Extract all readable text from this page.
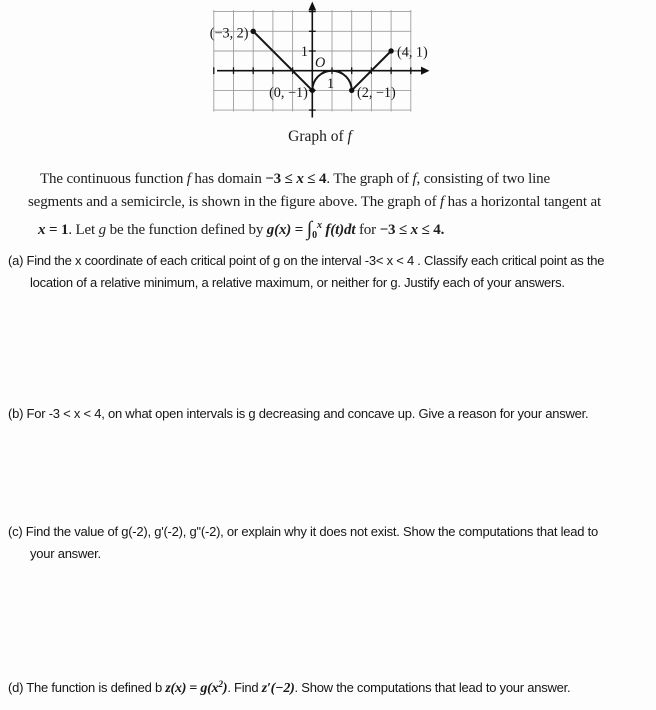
(−3, 2)
(4, 1)
(0, −1)	(2, −1)
1
O
1
Graph of f
The continuous function f has domain −3 ≤ x ≤ 4. The graph of f, consisting of two line
segments and a semicircle, is shown in the figure above. The graph of f has a horizontal tangent at
x = 1. Let g be the function defined by $g(x) = \int_0^x$ f(t)dt for −3 ≤ x ≤ 4.
(a) Find the x coordinate of each critical point of g on the interval -3< x < 4 . Classify each critical point as the
location of a relative minimum, a relative maximum, or neither for g. Justify each of your answers.
(b) For -3 < x < 4, on what open intervals is g decreasing and concave up. Give a reason for your answer.
(c) Find the value of g(-2), g'(-2), g''(-2), or explain why it does not exist. Show the computations that lead to
your answer.
(d) The function is defined b $z(x) = g(x^2)$. Find z′(−2). Show the computations that lead to your answer.
